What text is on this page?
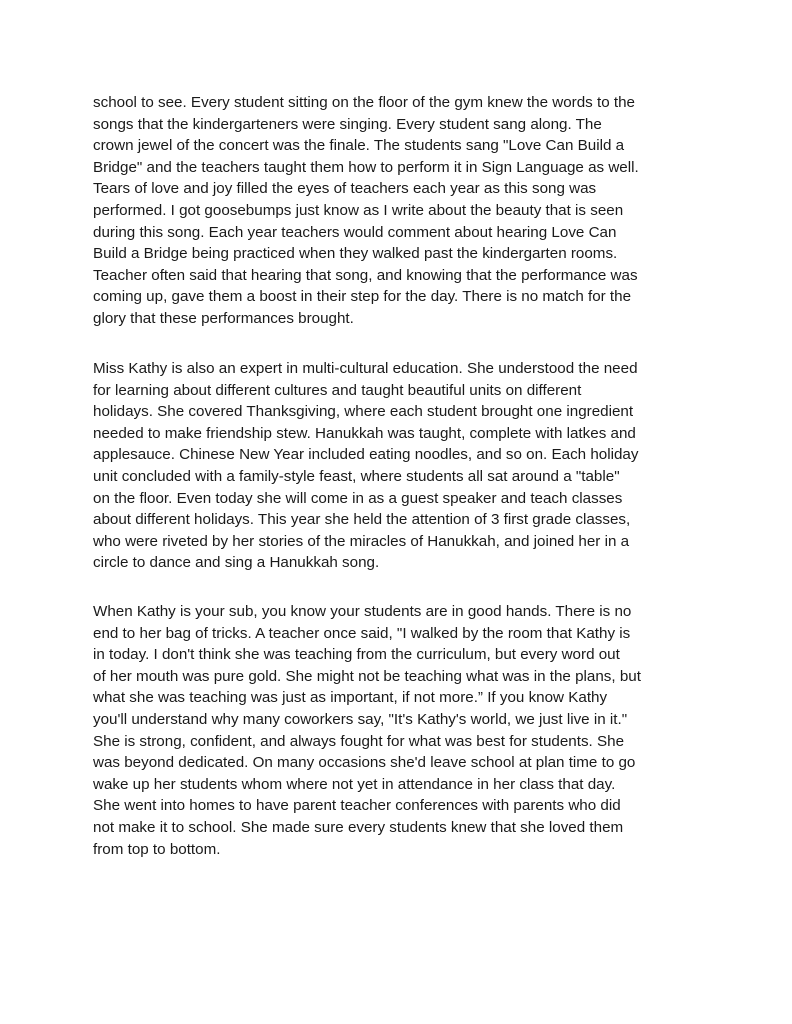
school to see. Every student sitting on the floor of the gym knew the words to the
songs that the kindergarteners were singing. Every student sang along. The
crown jewel of the concert was the finale. The students sang "Love Can Build a
Bridge" and the teachers taught them how to perform it in Sign Language as well.
Tears of love and joy filled the eyes of teachers each year as this song was
performed. I got goosebumps just know as I write about the beauty that is seen
during this song. Each year teachers would comment about hearing Love Can
Build a Bridge being practiced when they walked past the kindergarten rooms.
Teacher often said that hearing that song, and knowing that the performance was
coming up, gave them a boost in their step for the day. There is no match for the
glory that these performances brought.
Miss Kathy is also an expert in multi-cultural education. She understood the need
for learning about different cultures and taught beautiful units on different
holidays. She covered Thanksgiving, where each student brought one ingredient
needed to make friendship stew. Hanukkah was taught, complete with latkes and
applesauce. Chinese New Year included eating noodles, and so on. Each holiday
unit concluded with a family-style feast, where students all sat around a "table"
on the floor. Even today she will come in as a guest speaker and teach classes
about different holidays. This year she held the attention of 3 first grade classes,
who were riveted by her stories of the miracles of Hanukkah, and joined her in a
circle to dance and sing a Hanukkah song.
When Kathy is your sub, you know your students are in good hands. There is no
end to her bag of tricks. A teacher once said, "I walked by the room that Kathy is
in today. I don't think she was teaching from the curriculum, but every word out
of her mouth was pure gold. She might not be teaching what was in the plans, but
what she was teaching was just as important, if not more.” If you know Kathy
you'll understand why many coworkers say, "It's Kathy's world, we just live in it."
She is strong, confident, and always fought for what was best for students. She
was beyond dedicated. On many occasions she'd leave school at plan time to go
wake up her students whom where not yet in attendance in her class that day.
She went into homes to have parent teacher conferences with parents who did
not make it to school. She made sure every students knew that she loved them
from top to bottom.
